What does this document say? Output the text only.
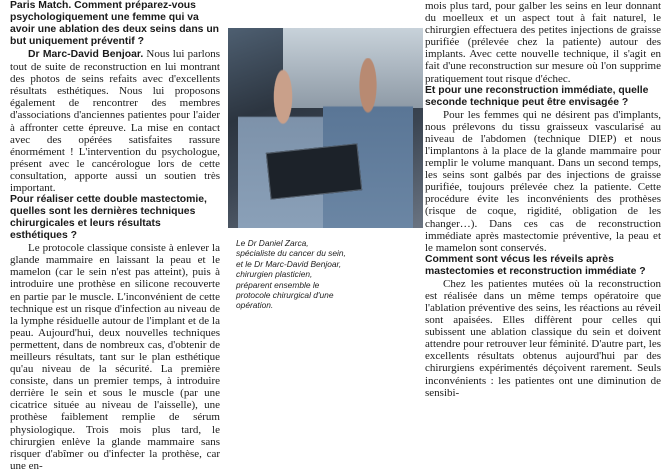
Paris Match. Comment préparez-vous psychologiquement une femme qui va avoir une ablation des deux seins dans un but uniquement préventif ?

Dr Marc-David Benjoar. Nous lui parlons tout de suite de reconstruction en lui montrant des photos de seins refaits avec d'excellents résultats esthétiques. Nous lui proposons également de rencontrer des membres d'associations d'anciennes patientes pour l'aider à affronter cette épreuve. La mise en contact avec des opérées satisfaites rassure énormément ! L'intervention du psychologue, présent avec le cancérologue lors de cette consultation, apporte aussi un soutien très important.

Pour réaliser cette double mastectomie, quelles sont les dernières techniques chirurgicales et leurs résultats esthétiques ?

Le protocole classique consiste à enlever la glande mammaire en laissant la peau et le mamelon (car le sein n'est pas atteint), puis à introduire une prothèse en silicone recouverte en partie par le muscle. L'inconvénient de cette technique est un risque d'infection au niveau de la lymphe résiduelle autour de l'implant et de la peau. Aujourd'hui, deux nouvelles techniques permettent, dans de nombreux cas, d'obtenir de meilleurs résultats, tant sur le plan esthétique qu'au niveau de la sécurité. La première consiste, dans un premier temps, à introduire derrière le sein et sous le muscle (par une cicatrice située au niveau de l'aisselle), une prothèse faiblement remplie de sérum physiologique. Trois mois plus tard, le chirurgien enlève la glande mammaire sans risquer d'abîmer ou d'infecter la prothèse, car une en-

Le Dr Daniel Zarca, spécialiste du cancer du sein, et le Dr Marc-David Benjoar, chirurgien plasticien, préparent ensemble le protocole chirurgical d'une opération.

mois plus tard, pour galber les seins en leur donnant du moelleux et un aspect tout à fait naturel, le chirurgien effectuera des petites injections de graisse purifiée (prélevée chez la patiente) autour des implants. Avec cette nouvelle technique, il s'agit en fait d'une reconstruction sur mesure où l'on supprime pratiquement tout risque d'échec.

Et pour une reconstruction immédiate, quelle seconde technique peut être envisagée ?

Pour les femmes qui ne désirent pas d'implants, nous prélevons du tissu graisseux vascularisé au niveau de l'abdomen (technique DIEP) et nous l'implantons à la place de la glande mammaire pour remplir le volume manquant. Dans un second temps, les seins sont galbés par des injections de graisse purifiée, toujours prélevée chez la patiente. Cette procédure évite les inconvénients des prothèses (risque de coque, rigidité, obligation de les changer…). Dans ces cas de reconstruction immédiate après mastectomie préventive, la peau et le mamelon sont conservés.

Comment sont vécus les réveils après mastectomies et reconstruction immédiate ?

Chez les patientes mutées où la reconstruction est réalisée dans un même temps opératoire que l'ablation préventive des seins, les réactions au réveil sont apaisées. Elles diffèrent pour celles qui subissent une ablation classique du sein et doivent attendre pour retrouver leur féminité. D'autre part, les excellents résultats obtenus aujourd'hui par des chirurgiens expérimentés déçoivent rarement. Seuls inconvénients : les patientes ont une diminution de sensibi-
